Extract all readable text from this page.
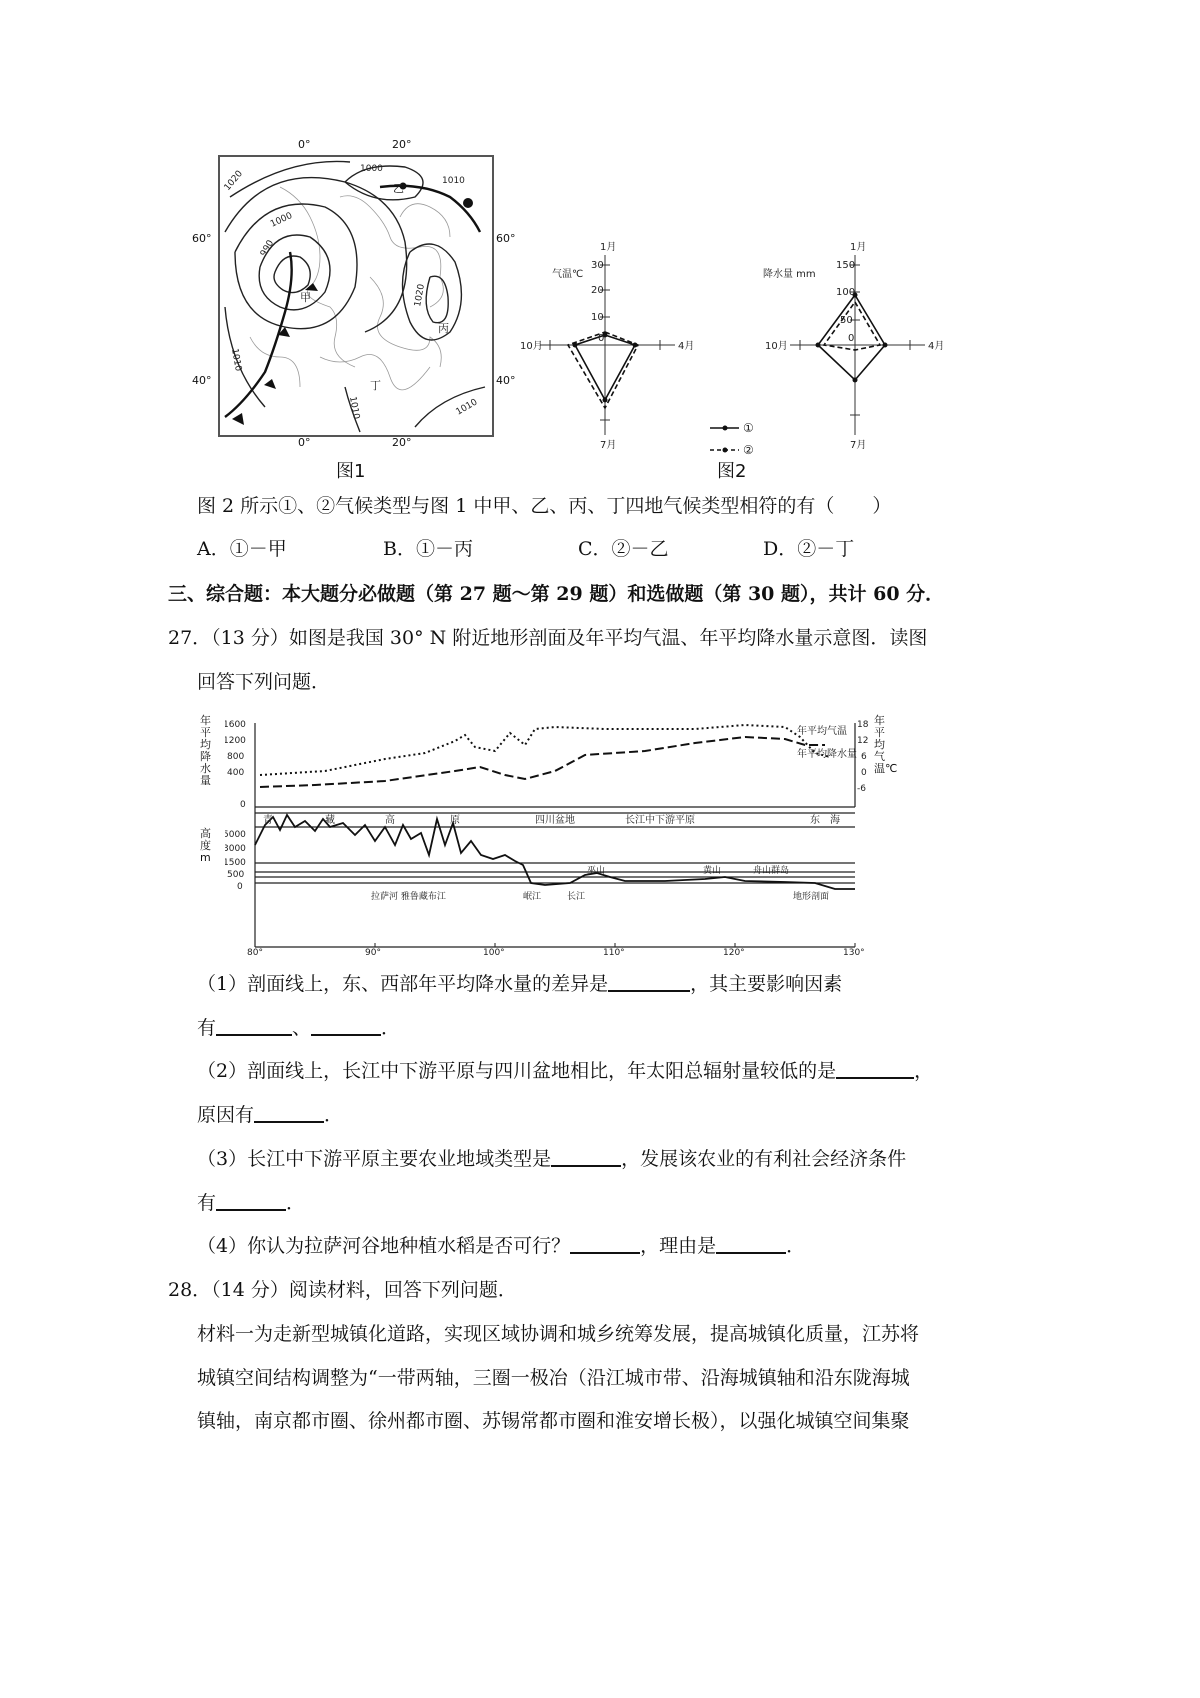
1020	1000
1010
1000
990
1010
1020
1010	1010
甲
乙
丙
丁
0°	20°
0°	20°
60°
40°
60°
40°
图1
1月
4月
7月
10月
30
20
10
0
气温℃
1月
4月
7月
10月
150
100
50
0
降水量 mm
①
②
图2
图 2 所示①、②气候类型与图 1 中甲、乙、丙、丁四地气候类型相符的有（　　）
A．①－甲	B．①－丙	C．②－乙	D．②－丁
三、综合题：本大题分必做题（第 27 题～第 29 题）和选做题（第 30 题），共计 60 分．
27．（13 分）如图是我国 30° N 附近地形剖面及年平均气温、年平均降水量示意图．读图
回答下列问题．
1600
1200
800
400
0
18
12
6
0
-6
年平均气温
年平均降水量
5000
3000
1500
500
0
青	藏	高	原	四川盆地	长江中下游平原	东　海
巫山	黄山	舟山群岛
拉萨河 雅鲁藏布江	岷江	长江	地形剖面
80°	90°	100°	110°	120°	130°
年平均降水量
高度m
年平均气温℃
（1）剖面线上，东、西部年平均降水量的差异是	，其主要影响因素
有	、	．
（2）剖面线上，长江中下游平原与四川盆地相比，年太阳总辐射量较低的是	，
原因有	．
（3）长江中下游平原主要农业地域类型是	，发展该农业的有利社会经济条件
有	．
（4）你认为拉萨河谷地种植水稻是否可行？	，理由是	．
28．（14 分）阅读材料，回答下列问题．
材料一为走新型城镇化道路，实现区域协调和城乡统筹发展，提高城镇化质量，江苏将
城镇空间结构调整为“一带两轴，三圈一极冶（沿江城市带、沿海城镇轴和沿东陇海城
镇轴，南京都市圈、徐州都市圈、苏锡常都市圈和淮安增长极），以强化城镇空间集聚
